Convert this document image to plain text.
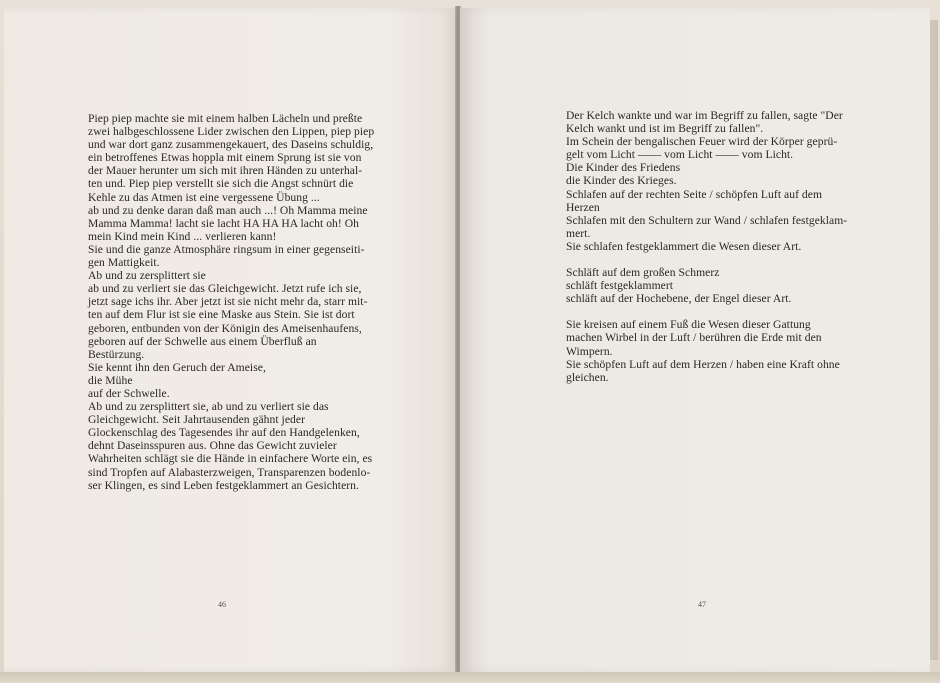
Piep piep machte sie mit einem halben Lächeln und preßte
zwei halbgeschlossene Lider zwischen den Lippen, piep piep
und war dort ganz zusammengekauert, des Daseins schuldig,
ein betroffenes Etwas hoppla mit einem Sprung ist sie von
der Mauer herunter um sich mit ihren Händen zu unterhal-
ten und. Piep piep verstellt sie sich die Angst schnürt die
Kehle zu das Atmen ist eine vergessene Übung ...
ab und zu denke daran daß man auch ...! Oh Mamma meine
Mamma Mamma! lacht sie lacht HA HA HA lacht oh! Oh
mein Kind mein Kind ... verlieren kann!
Sie und die ganze Atmosphäre ringsum in einer gegenseiti-
gen Mattigkeit.
Ab und zu zersplittert sie
ab und zu verliert sie das Gleichgewicht. Jetzt rufe ich sie,
jetzt sage ichs ihr. Aber jetzt ist sie nicht mehr da, starr mit-
ten auf dem Flur ist sie eine Maske aus Stein. Sie ist dort
geboren, entbunden von der Königin des Ameisenhaufens,
geboren auf der Schwelle aus einem Überfluß an
Bestürzung.
Sie kennt ihn den Geruch der Ameise,
die Mühe
auf der Schwelle.
Ab und zu zersplittert sie, ab und zu verliert sie das
Gleichgewicht. Seit Jahrtausenden gähnt jeder
Glockenschlag des Tagesendes ihr auf den Handgelenken,
dehnt Daseinsspuren aus. Ohne das Gewicht zuvieler
Wahrheiten schlägt sie die Hände in einfachere Worte ein, es
sind Tropfen auf Alabasterzweigen, Transparenzen bodenlo-
ser Klingen, es sind Leben festgeklammert an Gesichtern.
46
Der Kelch wankte und war im Begriff zu fallen, sagte "Der
Kelch wankt und ist im Begriff zu fallen".
Im Schein der bengalischen Feuer wird der Körper geprü-
gelt vom Licht —— vom Licht —— vom Licht.
Die Kinder des Friedens
die Kinder des Krieges.
Schlafen auf der rechten Seite / schöpfen Luft auf dem
Herzen
Schlafen mit den Schultern zur Wand / schlafen festgeklam-
mert.
Sie schlafen festgeklammert die Wesen dieser Art.
Schläft auf dem großen Schmerz
schläft festgeklammert
schläft auf der Hochebene, der Engel dieser Art.
Sie kreisen auf einem Fuß die Wesen dieser Gattung
machen Wirbel in der Luft / berühren die Erde mit den
Wimpern.
Sie schöpfen Luft auf dem Herzen / haben eine Kraft ohne
gleichen.
47
